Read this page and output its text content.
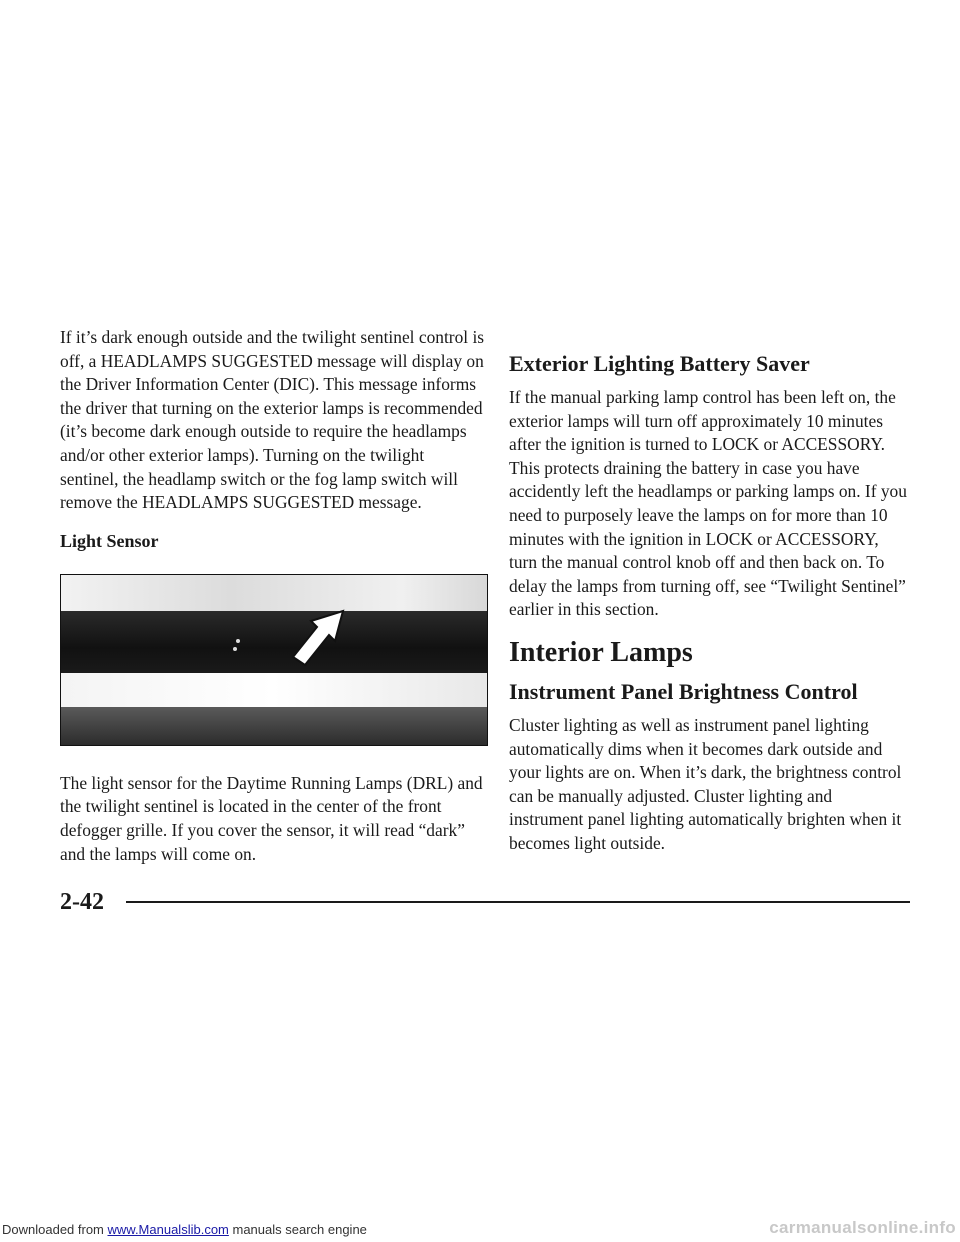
If it’s dark enough outside and the twilight sentinel control is off, a HEADLAMPS SUGGESTED message will display on the Driver Information Center (DIC). This message informs the driver that turning on the exterior lamps is recommended (it’s become dark enough outside to require the headlamps and/or other exterior lamps). Turning on the twilight sentinel, the headlamp switch or the fog lamp switch will remove the HEADLAMPS SUGGESTED message.

Light Sensor

The light sensor for the Daytime Running Lamps (DRL) and the twilight sentinel is located in the center of the front defogger grille. If you cover the sensor, it will read “dark” and the lamps will come on.

Exterior Lighting Battery Saver

If the manual parking lamp control has been left on, the exterior lamps will turn off approximately 10 minutes after the ignition is turned to LOCK or ACCESSORY. This protects draining the battery in case you have accidently left the headlamps or parking lamps on. If you need to purposely leave the lamps on for more than 10 minutes with the ignition in LOCK or ACCESSORY, turn the manual control knob off and then back on. To delay the lamps from turning off, see “Twilight Sentinel” earlier in this section.

Interior Lamps
Instrument Panel Brightness Control

Cluster lighting as well as instrument panel lighting automatically dims when it becomes dark outside and your lights are on. When it’s dark, the brightness control can be manually adjusted. Cluster lighting and instrument panel lighting automatically brighten when it becomes light outside.

2-42
Downloaded from www.Manualslib.com manuals search engine	carmanualsonline.info
